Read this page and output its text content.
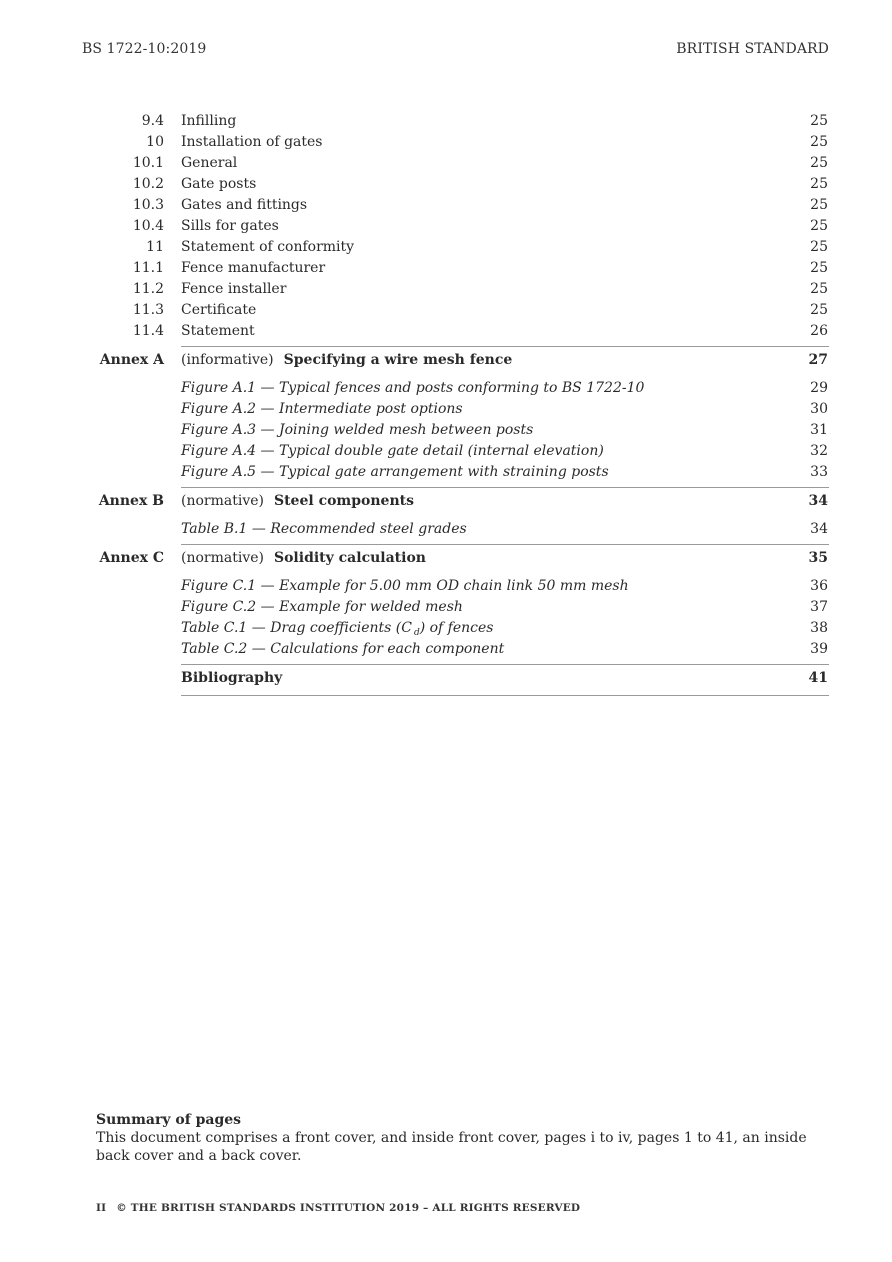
BS 1722-10:2019	BRITISH STANDARD
9.4 Infilling	25
10 Installation of gates	25
10.1 General	25
10.2 Gate posts	25
10.3 Gates and fittings	25
10.4 Sills for gates	25
11 Statement of conformity	25
11.1 Fence manufacturer	25
11.2 Fence installer	25
11.3 Certificate	25
11.4 Statement	26
Annex A (informative) Specifying a wire mesh fence	27
Figure A.1 — Typical fences and posts conforming to BS 1722-10	29
Figure A.2 — Intermediate post options	30
Figure A.3 — Joining welded mesh between posts	31
Figure A.4 — Typical double gate detail (internal elevation)	32
Figure A.5 — Typical gate arrangement with straining posts	33
Annex B (normative) Steel components	34
Table B.1 — Recommended steel grades	34
Annex C (normative) Solidity calculation	35
Figure C.1 — Example for 5.00 mm OD chain link 50 mm mesh	36
Figure C.2 — Example for welded mesh	37
Table C.1 — Drag coefficients (C $_d$) of fences	38
Table C.2 — Calculations for each component	39
Bibliography	41
Summary of pages
This document comprises a front cover, and inside front cover, pages i to iv, pages 1 to 41, an inside back cover and a back cover.
II © THE BRITISH STANDARDS INSTITUTION 2019 – ALL RIGHTS RESERVED
